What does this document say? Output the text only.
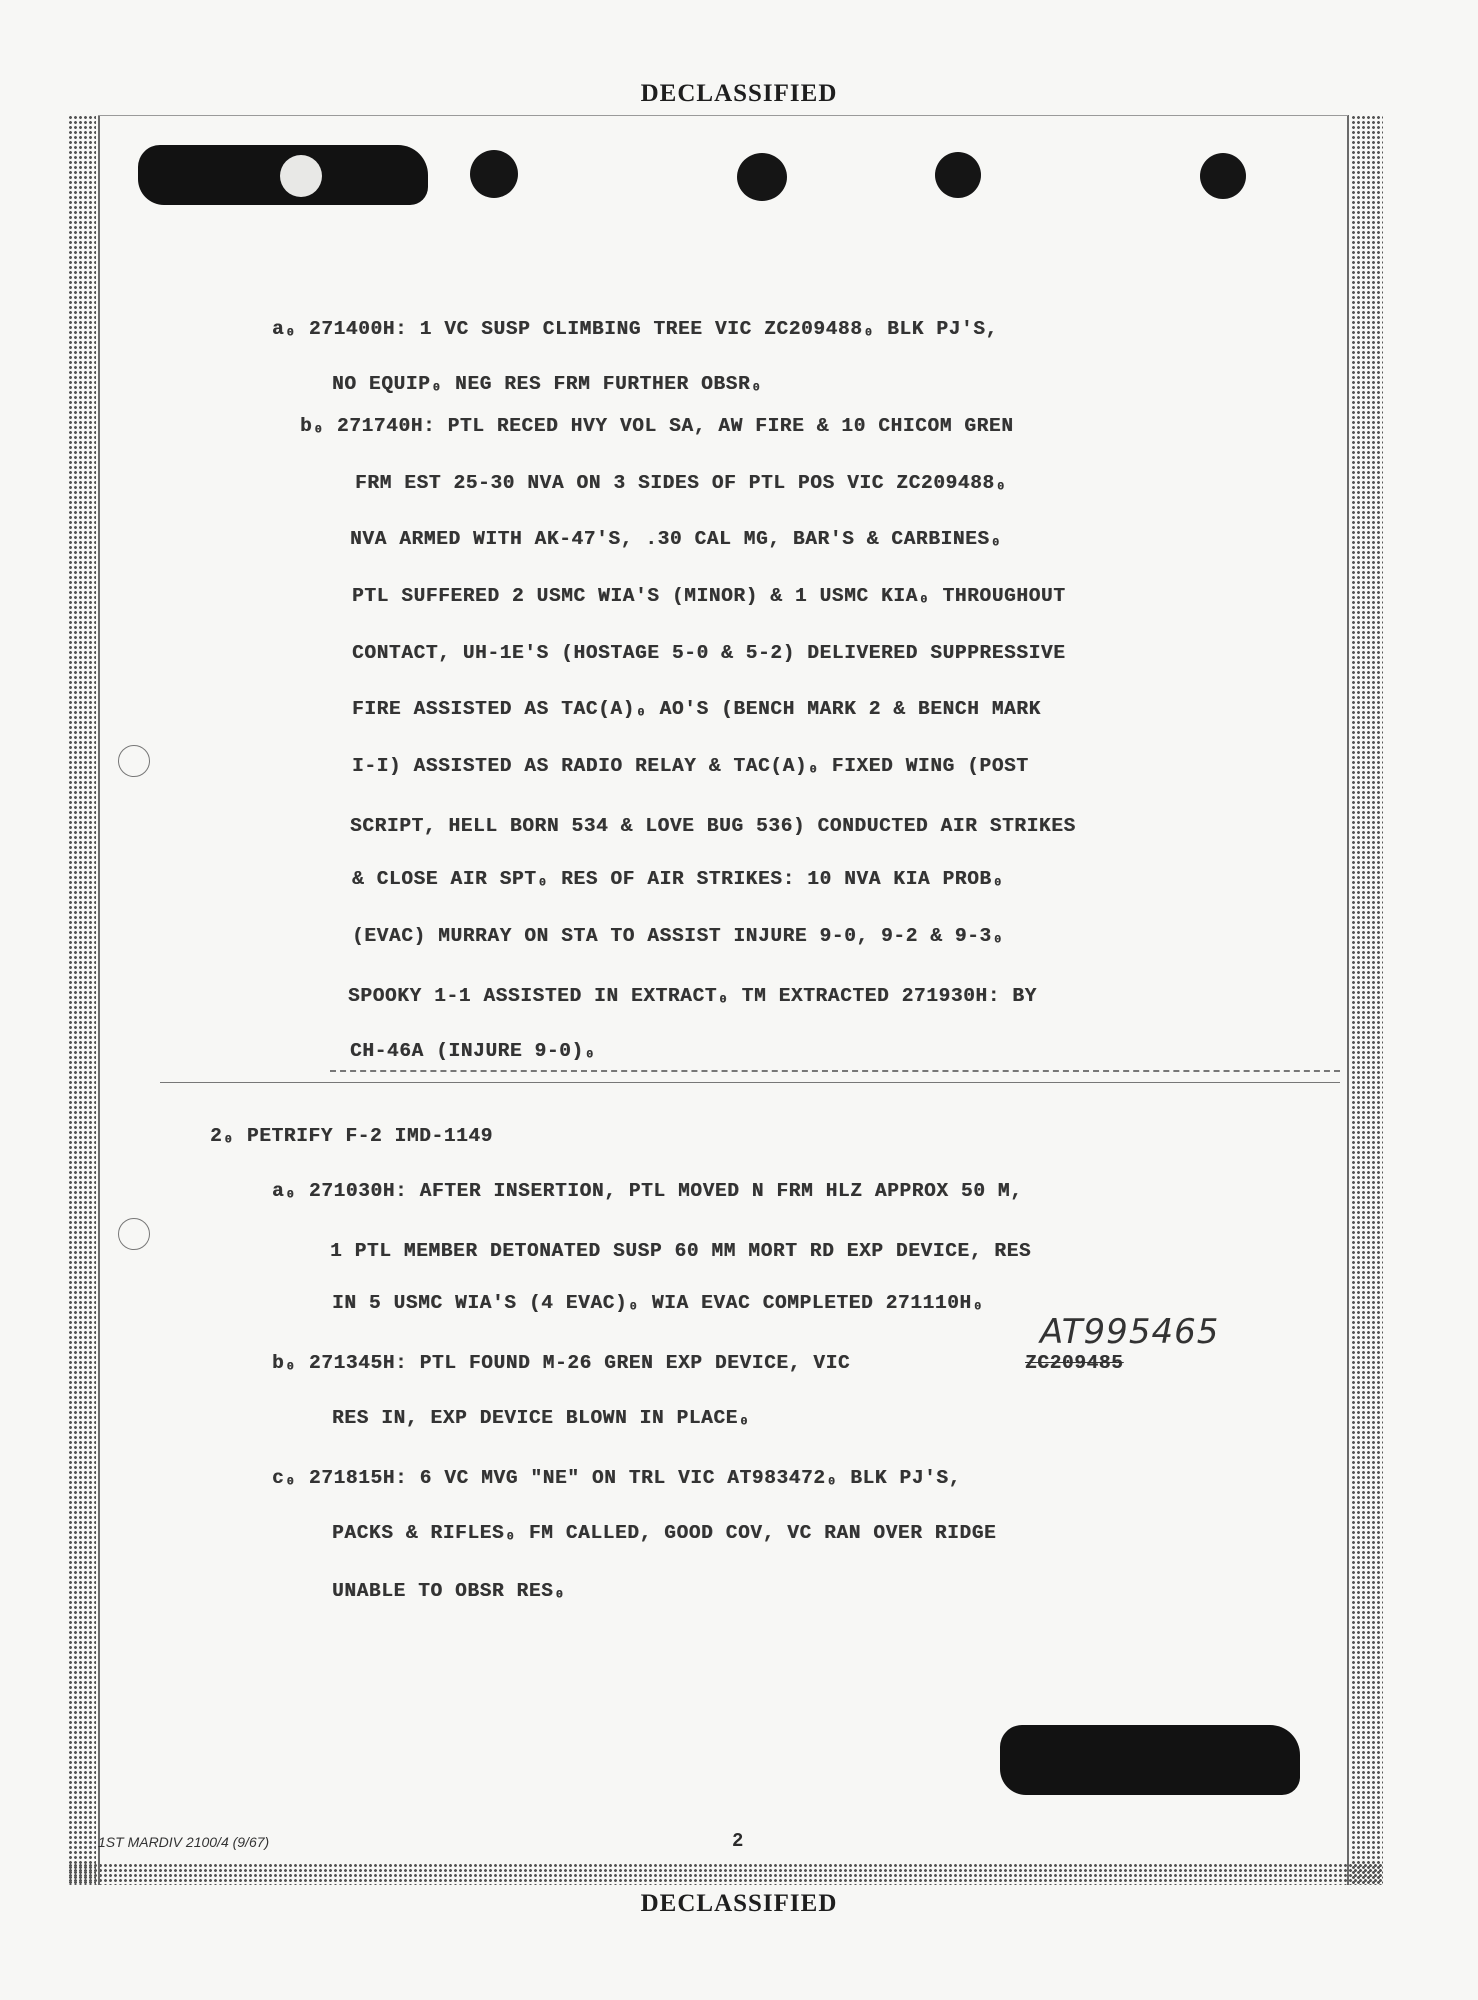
DECLASSIFIED
a₀ 271400H: 1 VC SUSP CLIMBING TREE VIC ZC209488₀ BLK PJ'S,
NO EQUIP₀ NEG RES FRM FURTHER OBSR₀
b₀ 271740H: PTL RECED HVY VOL SA, AW FIRE & 10 CHICOM GREN
FRM EST 25-30 NVA ON 3 SIDES OF PTL POS VIC ZC209488₀
NVA ARMED WITH AK-47'S, .30 CAL MG, BAR'S & CARBINES₀
PTL SUFFERED 2 USMC WIA'S (MINOR) & 1 USMC KIA₀ THROUGHOUT
CONTACT, UH-1E'S (HOSTAGE 5-0 & 5-2) DELIVERED SUPPRESSIVE
FIRE ASSISTED AS TAC(A)₀ AO'S (BENCH MARK 2 & BENCH MARK
I-I) ASSISTED AS RADIO RELAY & TAC(A)₀ FIXED WING (POST
SCRIPT, HELL BORN 534 & LOVE BUG 536) CONDUCTED AIR STRIKES
& CLOSE AIR SPT₀ RES OF AIR STRIKES: 10 NVA KIA PROB₀
(EVAC) MURRAY ON STA TO ASSIST INJURE 9-0, 9-2 & 9-3₀
SPOOKY 1-1 ASSISTED IN EXTRACT₀ TM EXTRACTED 271930H: BY
CH-46A (INJURE 9-0)₀
2₀ PETRIFY F-2 IMD-1149
a₀ 271030H: AFTER INSERTION, PTL MOVED N FRM HLZ APPROX 50 M,
1 PTL MEMBER DETONATED SUSP 60 MM MORT RD EXP DEVICE, RES
IN 5 USMC WIA'S (4 EVAC)₀ WIA EVAC COMPLETED 271110H₀
b₀ 271345H: PTL FOUND M-26 GREN EXP DEVICE, VIC	ZC209485
AT995465
RES IN, EXP DEVICE BLOWN IN PLACE₀
c₀ 271815H: 6 VC MVG "NE" ON TRL VIC AT983472₀ BLK PJ'S,
PACKS & RIFLES₀ FM CALLED, GOOD COV, VC RAN OVER RIDGE
UNABLE TO OBSR RES₀
1ST MARDIV 2100/4 (9/67)	2
DECLASSIFIED
